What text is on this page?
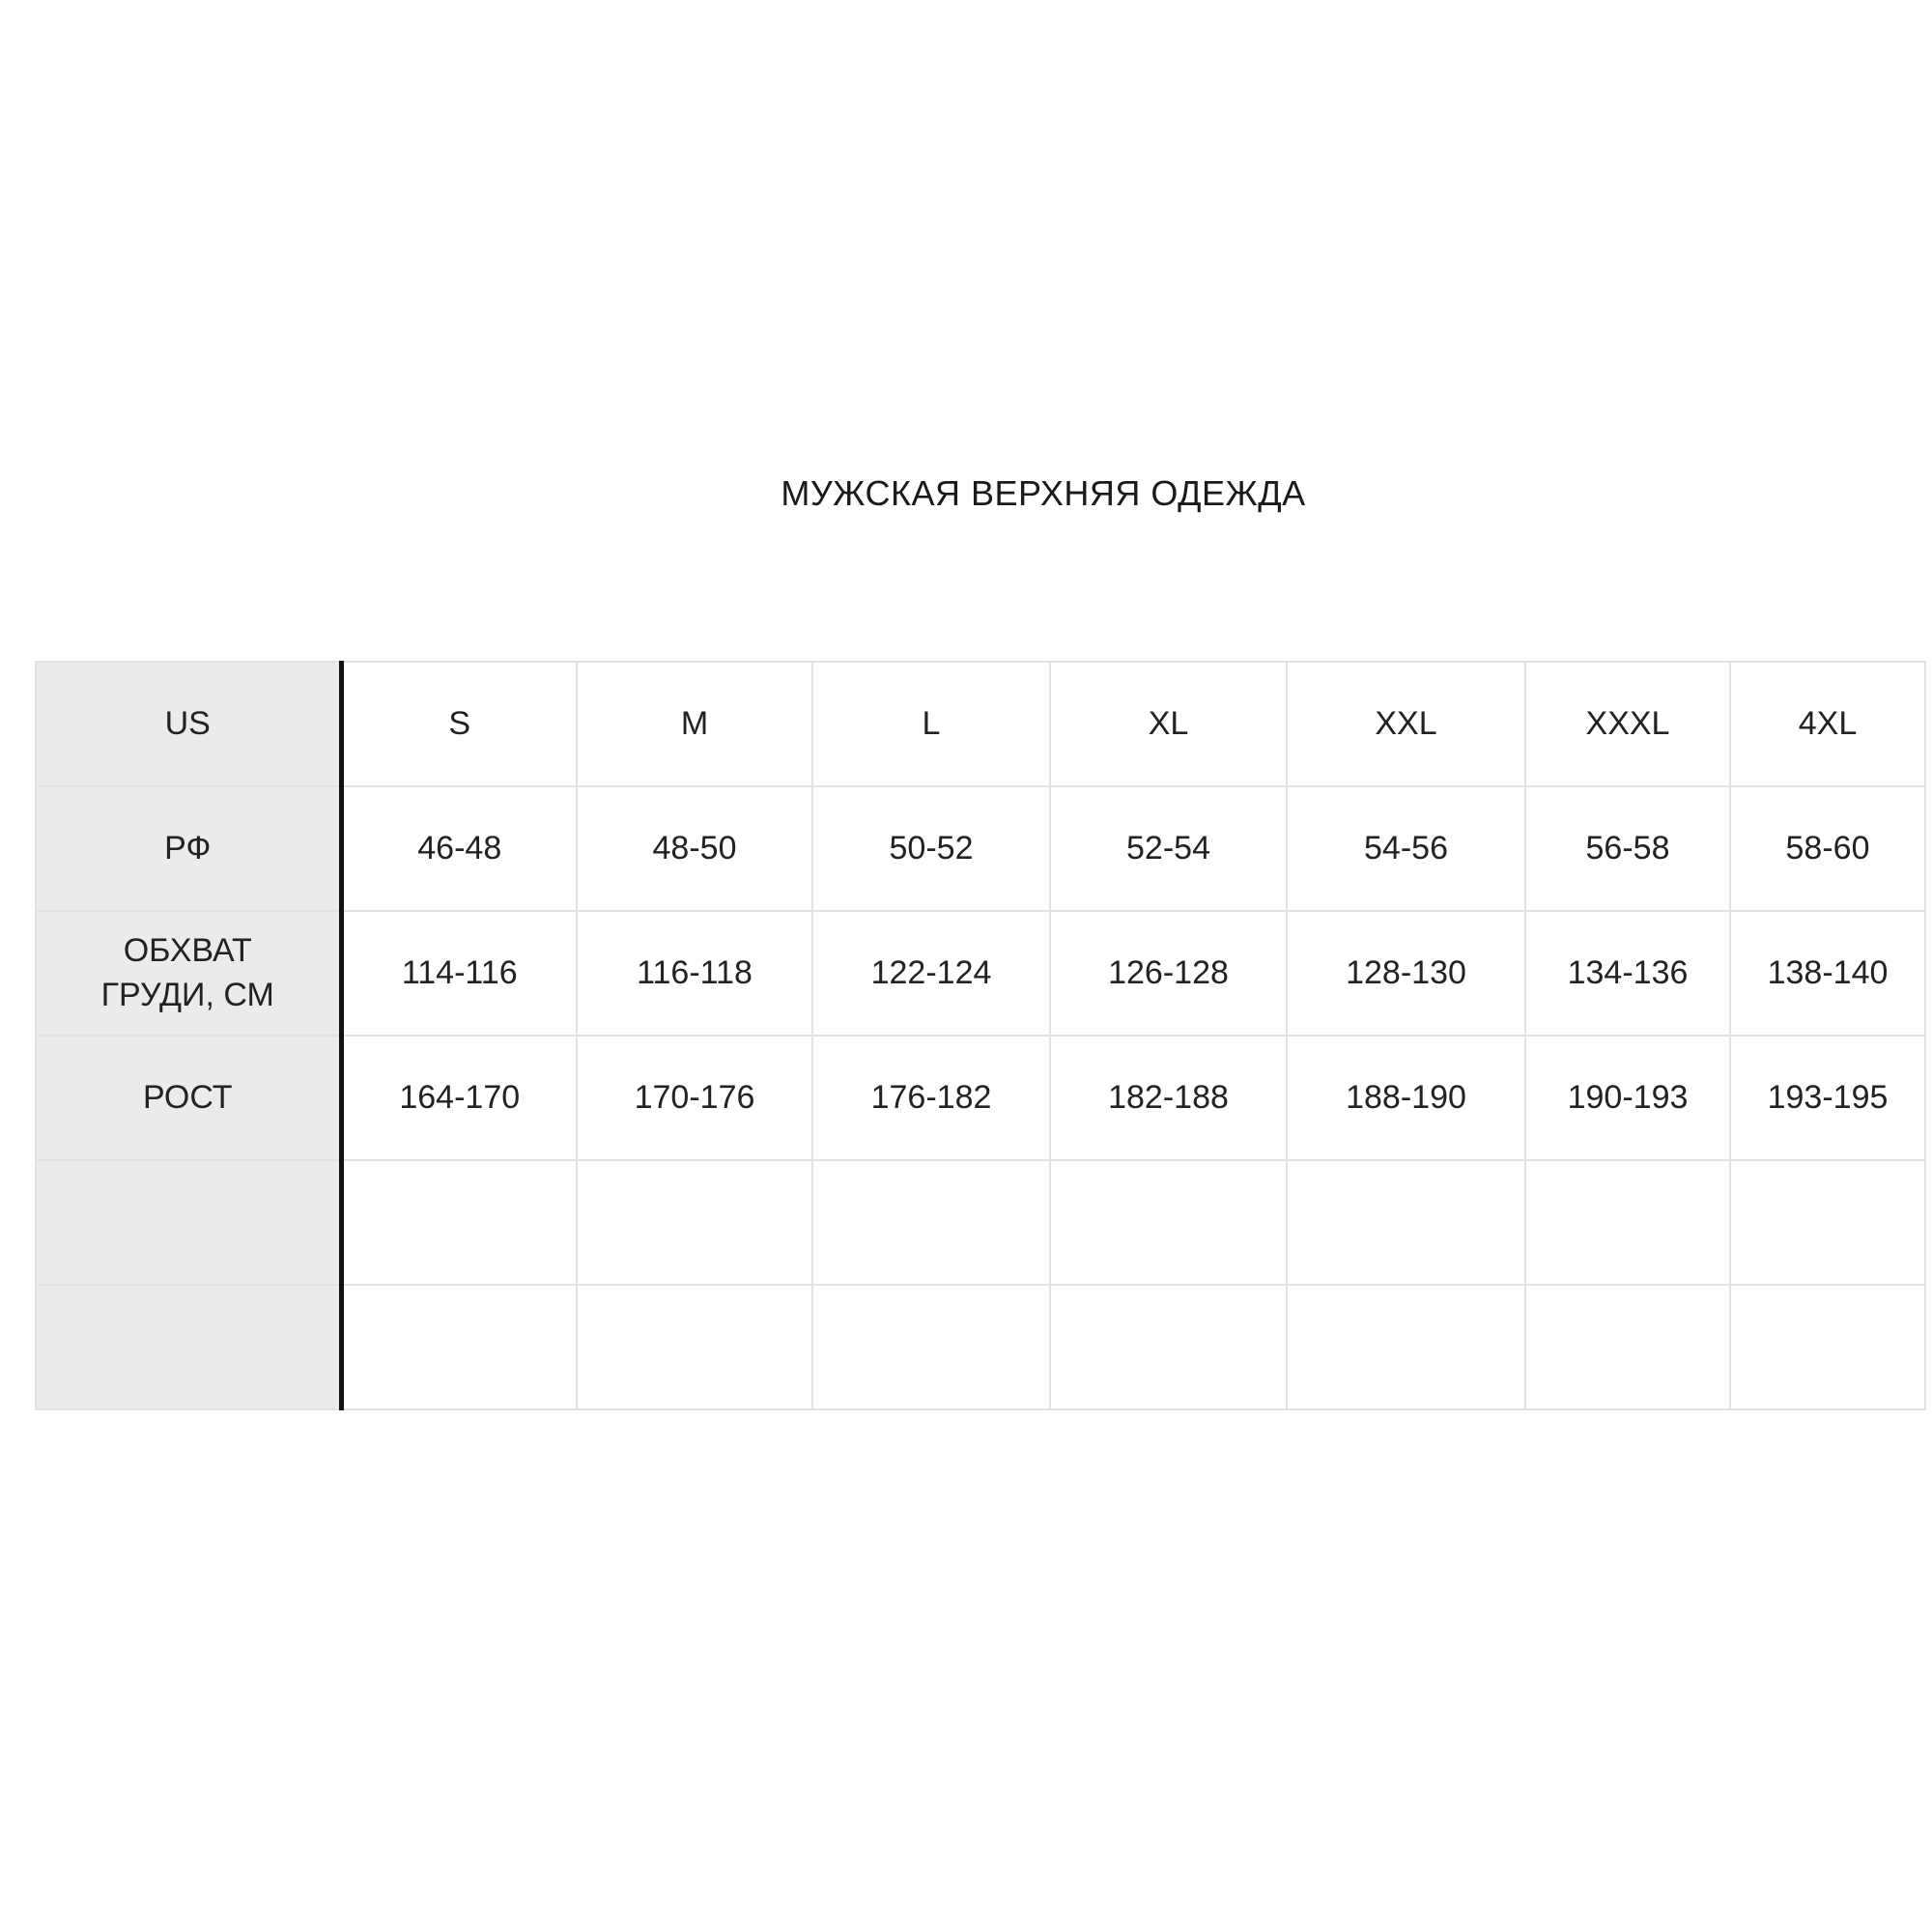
МУЖСКАЯ ВЕРХНЯЯ ОДЕЖДА
US	S	M	L	XL	XXL	XXXL	4XL
РФ	46-48	48-50	50-52	52-54	54-56	56-58	58-60
ОБХВАТ ГРУДИ, СМ	114-116	116-118	122-124	126-128	128-130	134-136	138-140
РОСТ	164-170	170-176	176-182	182-188	188-190	190-193	193-195
